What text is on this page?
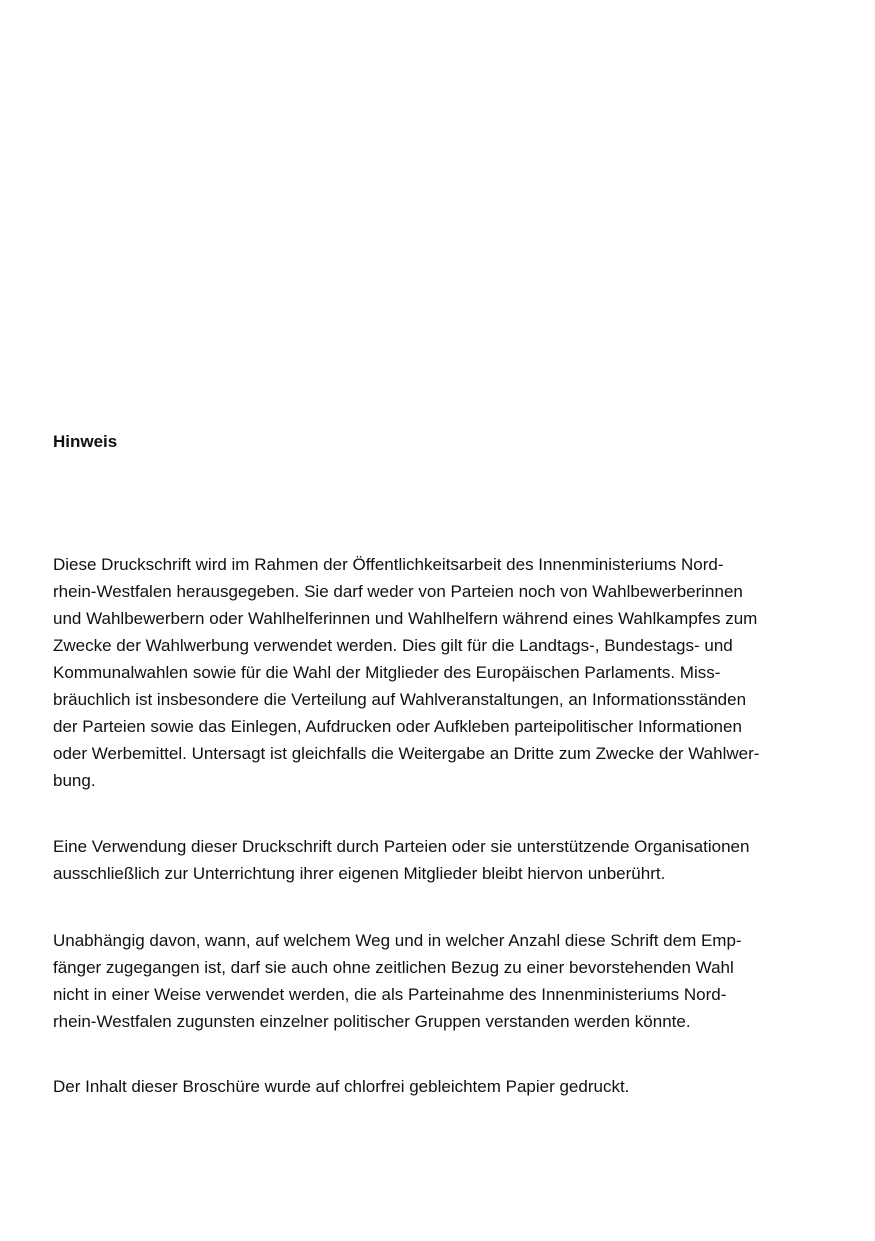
Hinweis
Diese Druckschrift wird im Rahmen der Öffentlichkeitsarbeit des Innenministeriums Nord-
rhein-Westfalen herausgegeben. Sie darf weder von Parteien noch von Wahlbewerberinnen
und Wahlbewerbern oder Wahlhelferinnen und Wahlhelfern während eines Wahlkampfes zum
Zwecke der Wahlwerbung verwendet werden. Dies gilt für die Landtags-, Bundestags- und
Kommunalwahlen sowie für die Wahl der Mitglieder des Europäischen Parlaments. Miss-
bräuchlich ist insbesondere die Verteilung auf Wahlveranstaltungen, an Informationsständen
der Parteien sowie das Einlegen, Aufdrucken oder Aufkleben parteipolitischer Informationen
oder Werbemittel. Untersagt ist gleichfalls die Weitergabe an Dritte zum Zwecke der Wahlwer-
bung.
Eine Verwendung dieser Druckschrift durch Parteien oder sie unterstützende Organisationen
ausschließlich zur Unterrichtung ihrer eigenen Mitglieder bleibt hiervon unberührt.
Unabhängig davon, wann, auf welchem Weg und in welcher Anzahl diese Schrift dem Emp-
fänger zugegangen ist, darf sie auch ohne zeitlichen Bezug zu einer bevorstehenden Wahl
nicht in einer Weise verwendet werden, die als Parteinahme des Innenministeriums Nord-
rhein-Westfalen zugunsten einzelner politischer Gruppen verstanden werden könnte.
Der Inhalt dieser Broschüre wurde auf chlorfrei gebleichtem Papier gedruckt.
